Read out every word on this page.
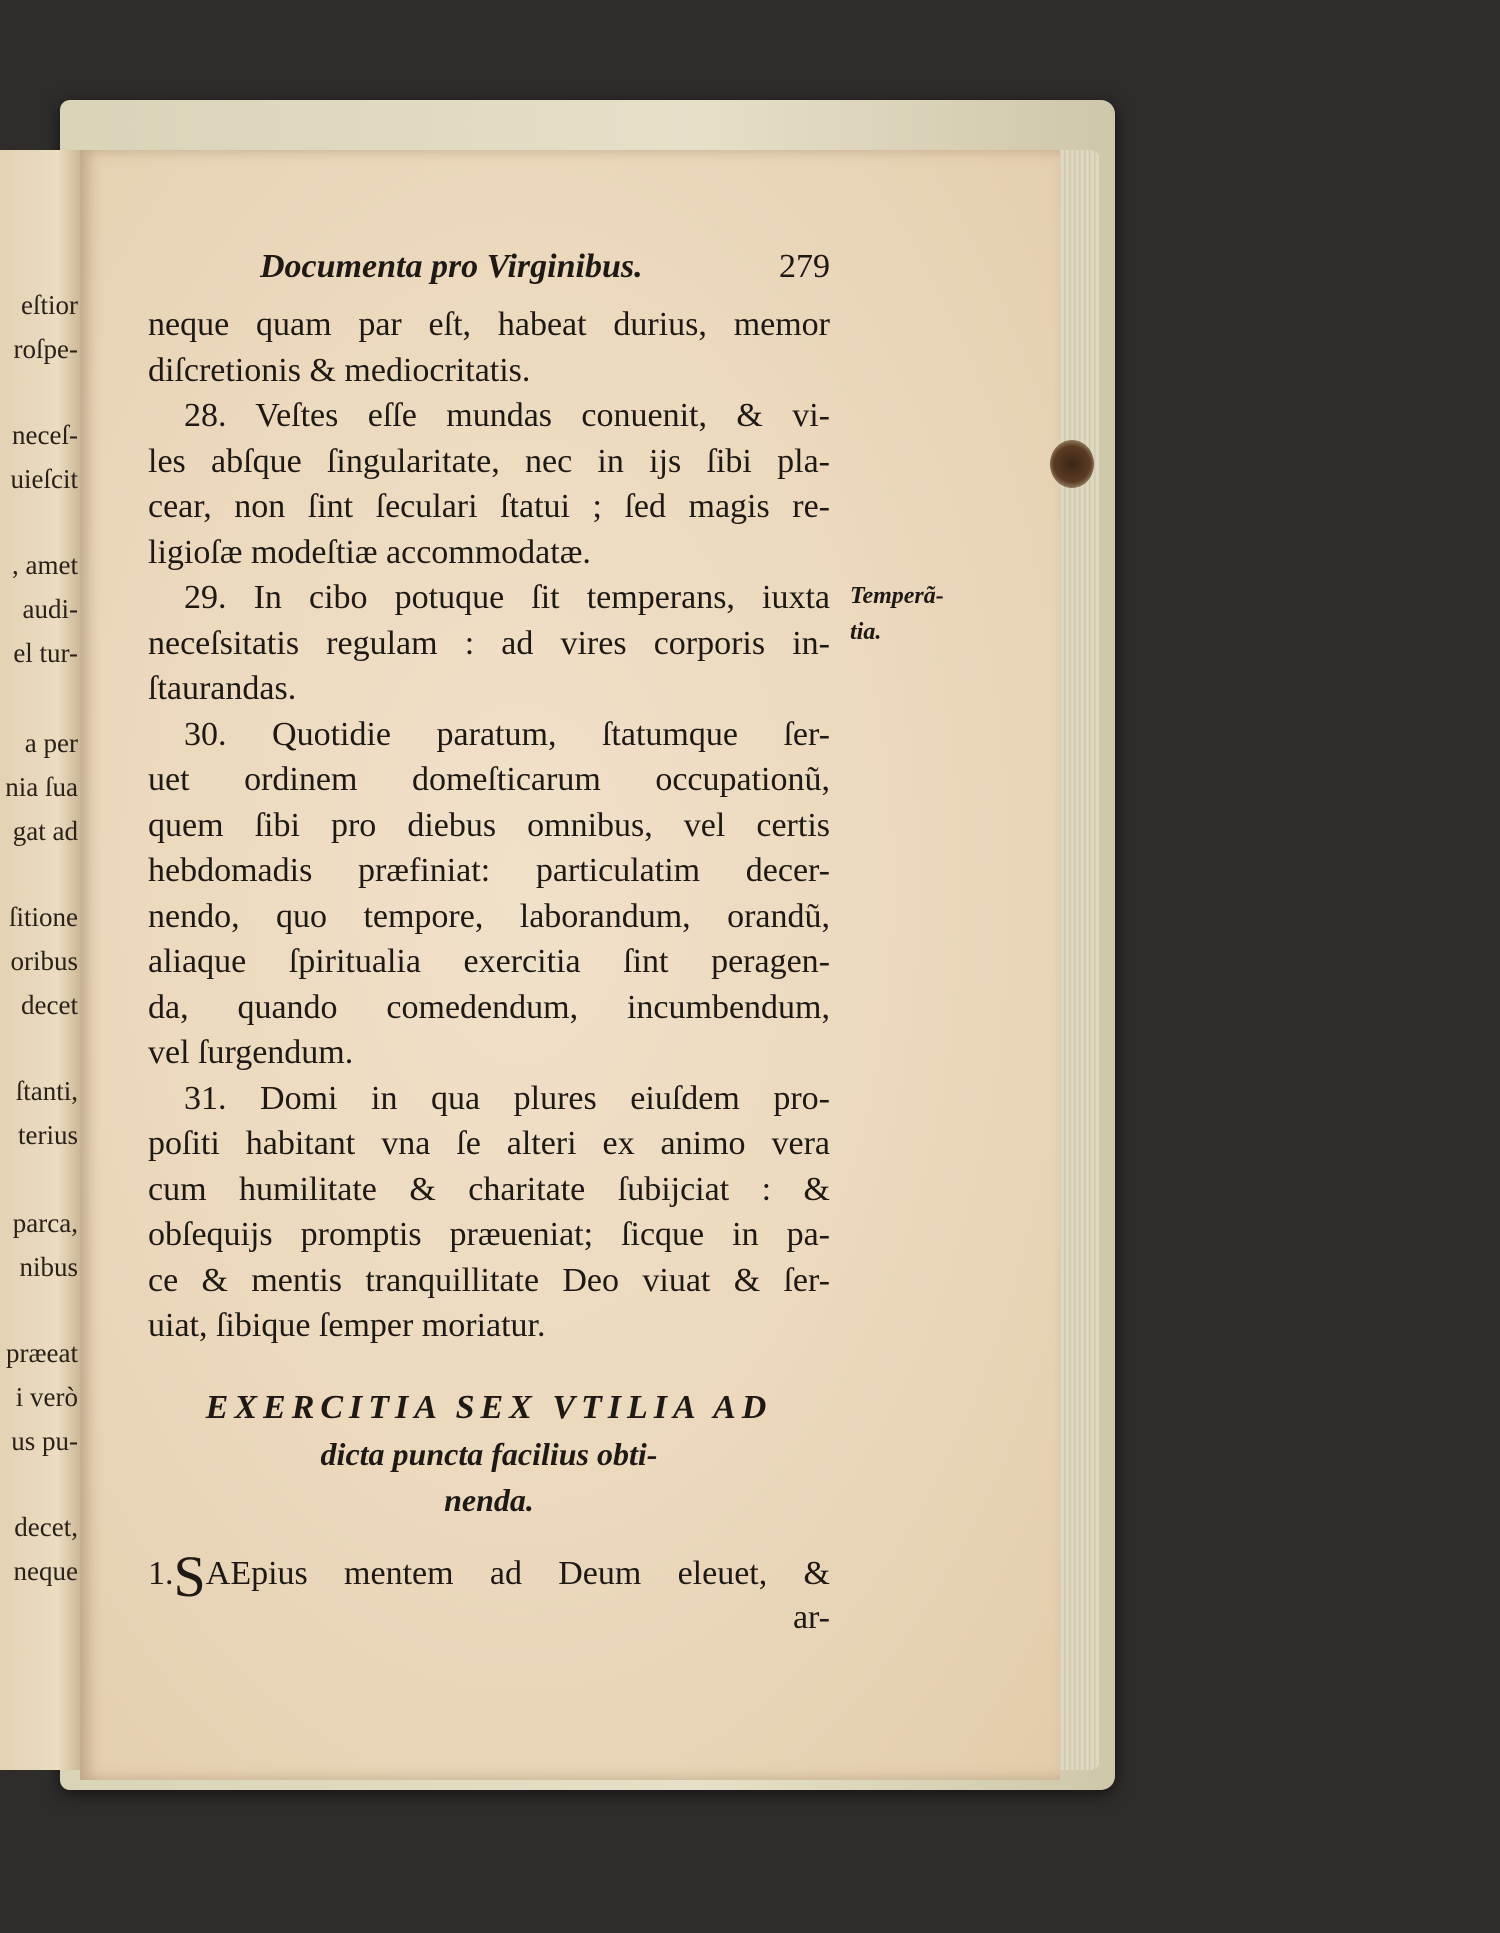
eſtior
roſpe-
neceſ-
uieſcit
, amet
audi-
el tur-
a per
nia ſua
gat ad
ſitione
oribus
decet
ſtanti,
terius
parca,
nibus
præeat
i verò
us pu-
decet,
neque
Documenta pro Virginibus.	279
neque quam par eſt, habeat durius, memor
diſcretionis & mediocritatis.
28. Veſtes eſſe mundas conuenit, & vi-
les abſque ſingularitate, nec in ijs ſibi pla-
cear, non ſint ſeculari ſtatui ; ſed magis re-
ligioſæ modeſtiæ accommodatæ.
29. In cibo potuque ſit temperans, iuxta
neceſsitatis regulam : ad vires corporis in-
ſtaurandas.
30. Quotidie paratum, ſtatumque ſer-
uet ordinem domeſticarum occupationũ,
quem ſibi pro diebus omnibus, vel certis
hebdomadis præfiniat: particulatim decer-
nendo, quo tempore, laborandum, orandũ,
aliaque ſpiritualia exercitia ſint peragen-
da, quando comedendum, incumbendum,
vel ſurgendum.
31. Domi in qua plures eiuſdem pro-
poſiti habitant vna ſe alteri ex animo vera
cum humilitate & charitate ſubijciat : &
obſequijs promptis præueniat; ſicque in pa-
ce & mentis tranquillitate Deo viuat & ſer-
uiat, ſibique ſemper moriatur.
EXERCITIA SEX VTILIA AD
dicta puncta facilius obti-
nenda.
1.SAEpius mentem ad Deum eleuet, &
ar-
Temperã-
tia.
